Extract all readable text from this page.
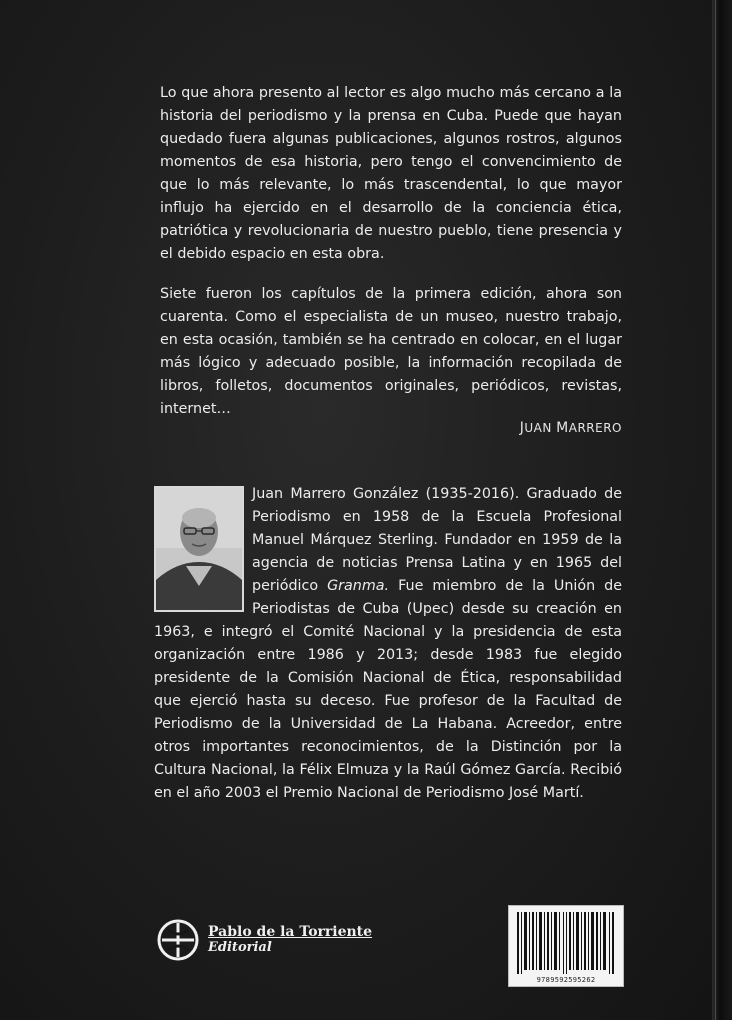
Lo que ahora presento al lector es algo mucho más cercano a la historia del periodismo y la prensa en Cuba. Puede que hayan quedado fuera algunas publicaciones, algunos rostros, algunos momentos de esa historia, pero tengo el convencimiento de que lo más relevante, lo más trascendental, lo que mayor influjo ha ejercido en el desarrollo de la conciencia ética, patriótica y revolucionaria de nuestro pueblo, tiene presencia y el debido espacio en esta obra.

Siete fueron los capítulos de la primera edición, ahora son cuarenta. Como el especialista de un museo, nuestro trabajo, en esta ocasión, también se ha centrado en colocar, en el lugar más lógico y adecuado posible, la información recopilada de libros, folletos, documentos originales, periódicos, revistas, internet…

JUAN MARRERO

Juan Marrero González (1935-2016). Graduado de Periodismo en 1958 de la Escuela Profesional Manuel Márquez Sterling. Fundador en 1959 de la agencia de noticias Prensa Latina y en 1965 del periódico Granma. Fue miembro de la Unión de Periodistas de Cuba (Upec) desde su creación en 1963, e integró el Comité Nacional y la presidencia de esta organización entre 1986 y 2013; desde 1983 fue elegido presidente de la Comisión Nacional de Ética, responsabilidad que ejerció hasta su deceso. Fue profesor de la Facultad de Periodismo de la Universidad de La Habana. Acreedor, entre otros importantes reconocimientos, de la Distinción por la Cultura Nacional, la Félix Elmuza y la Raúl Gómez García. Recibió en el año 2003 el Premio Nacional de Periodismo José Martí.

Pablo de la Torriente
Editorial
9789592595262
